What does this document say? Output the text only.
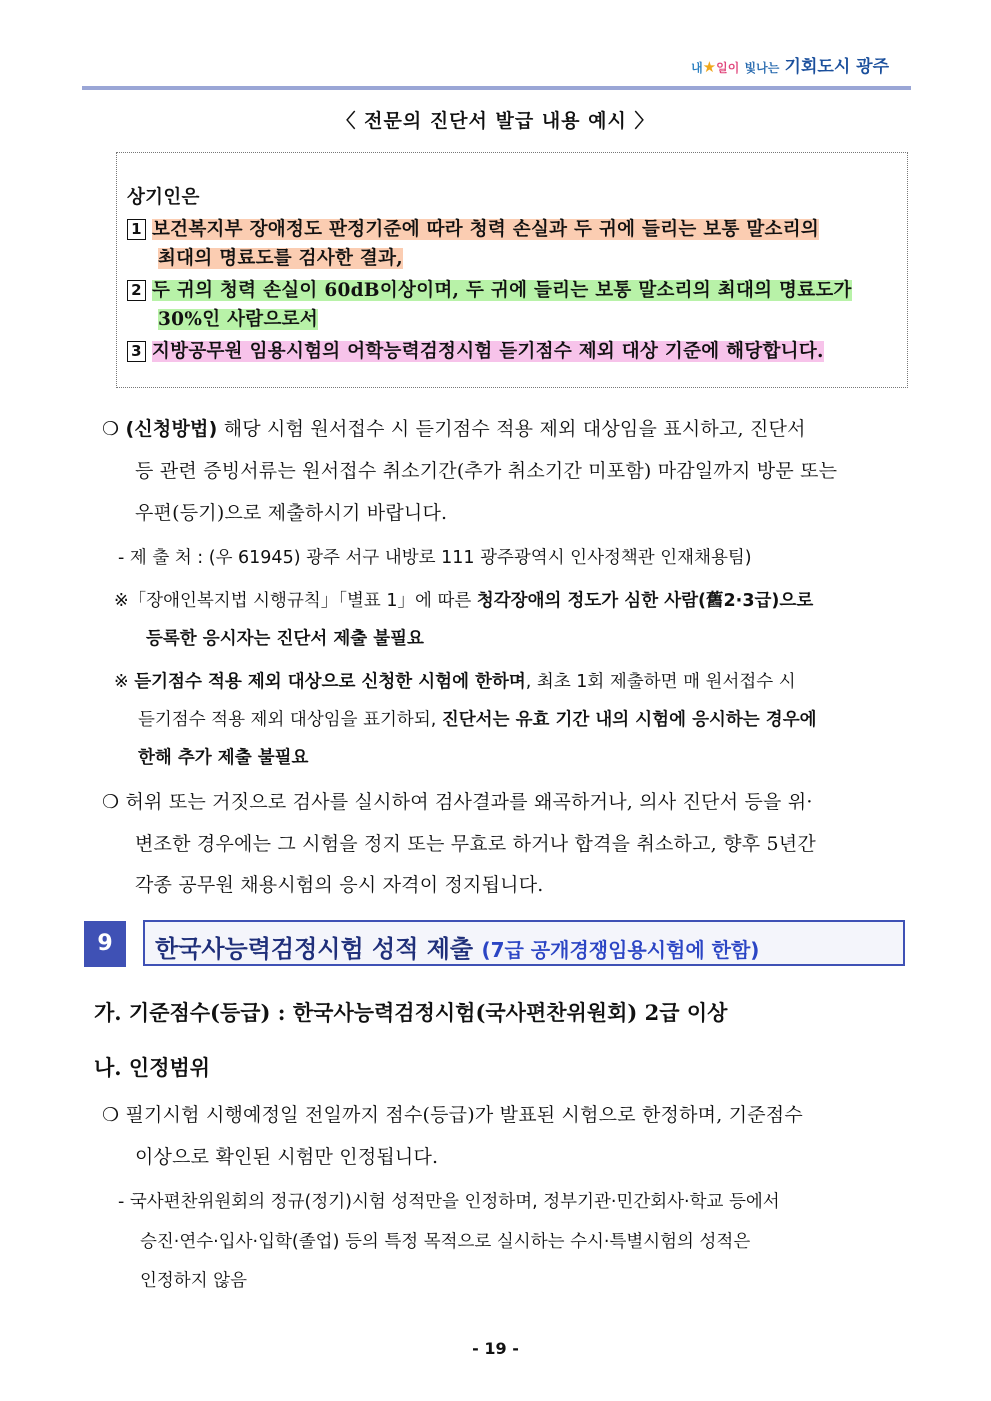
내★일이 빛나는 기회도시 광주
〈 전문의 진단서 발급 내용 예시 〉
상기인은
1 보건복지부 장애정도 판정기준에 따라 청력 손실과 두 귀에 들리는 보통 말소리의
최대의 명료도를 검사한 결과,
2 두 귀의 청력 손실이 60dB이상이며, 두 귀에 들리는 보통 말소리의 최대의 명료도가
30%인 사람으로서
3 지방공무원 임용시험의 어학능력검정시험 듣기점수 제외 대상 기준에 해당합니다.
❍ (신청방법) 해당 시험 원서접수 시 듣기점수 적용 제외 대상임을 표시하고, 진단서
등 관련 증빙서류는 원서접수 취소기간(추가 취소기간 미포함) 마감일까지 방문 또는
우편(등기)으로 제출하시기 바랍니다.
- 제 출 처 : (우 61945) 광주 서구 내방로 111 광주광역시 인사정책관 인재채용팀)
※「장애인복지법 시행규칙」「별표 1」에 따른 청각장애의 정도가 심한 사람(舊2·3급)으로
등록한 응시자는 진단서 제출 불필요
※ 듣기점수 적용 제외 대상으로 신청한 시험에 한하며, 최초 1회 제출하면 매 원서접수 시
듣기점수 적용 제외 대상임을 표기하되, 진단서는 유효 기간 내의 시험에 응시하는 경우에
한해 추가 제출 불필요
❍ 허위 또는 거짓으로 검사를 실시하여 검사결과를 왜곡하거나, 의사 진단서 등을 위·
변조한 경우에는 그 시험을 정지 또는 무효로 하거나 합격을 취소하고, 향후 5년간
각종 공무원 채용시험의 응시 자격이 정지됩니다.
9	한국사능력검정시험 성적 제출 (7급 공개경쟁임용시험에 한함)
가. 기준점수(등급) : 한국사능력검정시험(국사편찬위원회) 2급 이상
나. 인정범위
❍ 필기시험 시행예정일 전일까지 점수(등급)가 발표된 시험으로 한정하며, 기준점수
이상으로 확인된 시험만 인정됩니다.
- 국사편찬위원회의 정규(정기)시험 성적만을 인정하며, 정부기관·민간회사·학교 등에서
승진·연수·입사·입학(졸업) 등의 특정 목적으로 실시하는 수시·특별시험의 성적은
인정하지 않음
- 19 -
